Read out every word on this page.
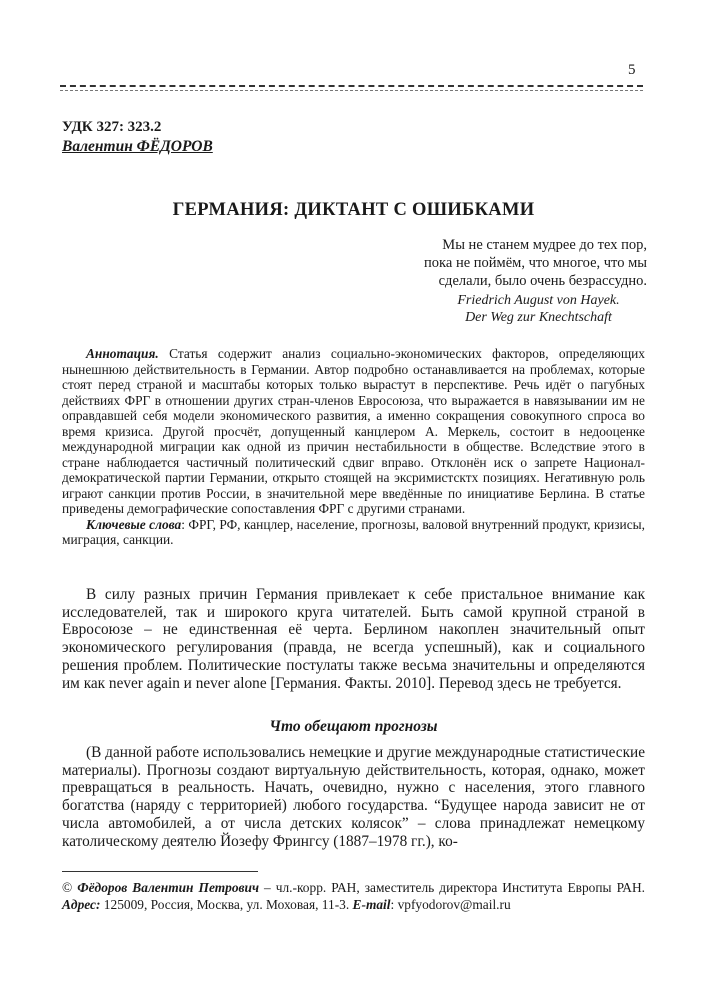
5
УДК 327: 323.2
Валентин ФЁДОРОВ
ГЕРМАНИЯ: ДИКТАНТ С ОШИБКАМИ
Мы не станем мудрее до тех пор,
пока не поймём, что многое, что мы
сделали, было очень безрассудно.
Friedrich August von Hayek.
Der Weg zur Knechtschaft

Аннотация. Статья содержит анализ социально-экономических факторов, определяющих нынешнюю действительность в Германии. Автор подробно останавливается на проблемах, которые стоят перед страной и масштабы которых только вырастут в перспективе. Речь идёт о пагубных действиях ФРГ в отношении других стран-членов Евросоюза, что выражается в навязывании им не оправдавшей себя модели экономического развития, а именно сокращения совокупного спроса во время кризиса. Другой просчёт, допущенный канцлером А. Меркель, состоит в недооценке международной миграции как одной из причин нестабильности в обществе. Вследствие этого в стране наблюдается частичный политический сдвиг вправо. Отклонён иск о запрете Национал-демократической партии Германии, открыто стоящей на эксримистсктх позициях. Негативную роль играют санкции против России, в значительной мере введённые по инициативе Берлина. В статье приведены демографические сопоставления ФРГ с другими странами.

Ключевые слова: ФРГ, РФ, канцлер, население, прогнозы, валовой внутренний продукт, кризисы, миграция, санкции.

В силу разных причин Германия привлекает к себе пристальное внимание как исследователей, так и широкого круга читателей. Быть самой крупной страной в Евросоюзе – не единственная её черта. Берлином накоплен значительный опыт экономического регулирования (правда, не всегда успешный), как и социального решения проблем. Политические постулаты также весьма значительны и определяются им как never again и never alone [Германия. Факты. 2010]. Перевод здесь не требуется.

Что обещают прогнозы

(В данной работе использовались немецкие и другие международные статистические материалы). Прогнозы создают виртуальную действительность, которая, однако, может превращаться в реальность. Начать, очевидно, нужно с населения, этого главного богатства (наряду с территорией) любого государства. “Будущее народа зависит не от числа автомобилей, а от числа детских колясок” – слова принадлежат немецкому католическому деятелю Йозефу Фрингсу (1887–1978 гг.), ко-

© Фёдоров Валентин Петрович – чл.-корр. РАН, заместитель директора Института Европы РАН. Адрес: 125009, Россия, Москва, ул. Моховая, 11-3. E-mail: vpfyodorov@mail.ru
